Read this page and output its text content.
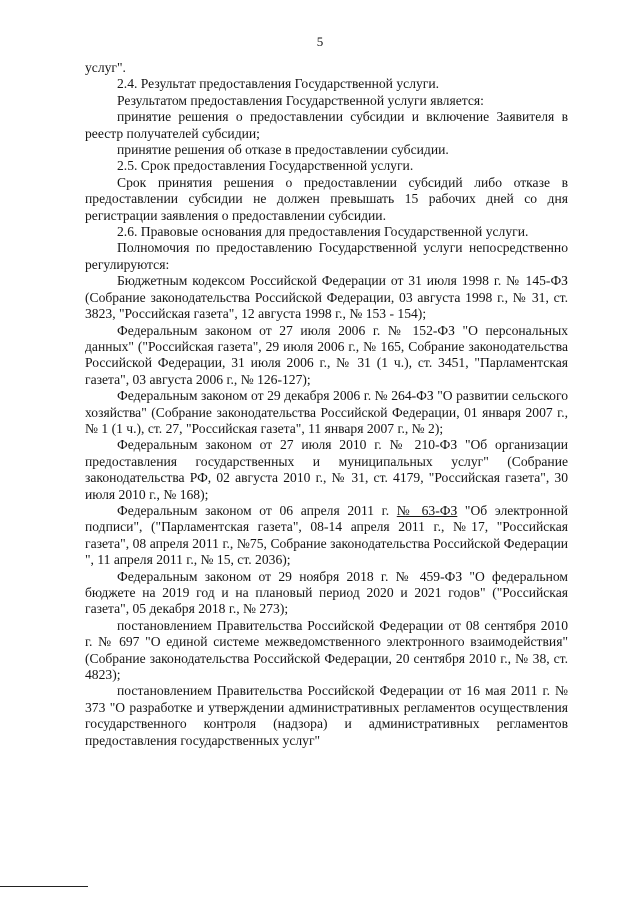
5

услуг".

2.4. Результат предоставления Государственной услуги.

Результатом предоставления Государственной услуги является:

принятие решения о предоставлении субсидии и включение Заявителя в реестр получателей субсидии;

принятие решения об отказе в предоставлении субсидии.

2.5. Срок предоставления Государственной услуги.

Срок принятия решения о предоставлении субсидий либо отказе в предоставлении субсидии не должен превышать 15 рабочих дней со дня регистрации заявления о предоставлении субсидии.

2.6. Правовые основания для предоставления Государственной услуги.

Полномочия по предоставлению Государственной услуги непосредственно регулируются:

Бюджетным кодексом Российской Федерации от 31 июля 1998 г. № 145-ФЗ (Собрание законодательства Российской Федерации, 03 августа 1998 г., № 31, ст. 3823, "Российская газета", 12 августа 1998 г., № 153 - 154);

Федеральным законом от 27 июля 2006 г. № 152-ФЗ "О персональных данных" ("Российская газета", 29 июля 2006 г., № 165, Собрание законодательства Российской Федерации, 31 июля 2006 г., № 31 (1 ч.), ст. 3451, "Парламентская газета", 03 августа 2006 г., № 126-127);

Федеральным законом от 29 декабря 2006 г. № 264-ФЗ "О развитии сельского хозяйства" (Собрание законодательства Российской Федерации, 01 января 2007 г., № 1 (1 ч.), ст. 27, "Российская газета", 11 января 2007 г., № 2);

Федеральным законом от 27 июля 2010 г. № 210-ФЗ "Об организации предоставления государственных и муниципальных услуг" (Собрание законодательства РФ, 02 августа 2010 г., № 31, ст. 4179, "Российская газета", 30 июля 2010 г., № 168);

Федеральным законом от 06 апреля 2011 г. № 63-ФЗ "Об электронной подписи", ("Парламентская газета", 08-14 апреля 2011 г., №17, "Российская газета", 08 апреля 2011 г., №75, Собрание законодательства Российской Федерации ", 11 апреля 2011 г., № 15, ст. 2036);

Федеральным законом от 29 ноября 2018 г. № 459-ФЗ "О федеральном бюджете на 2019 год и на плановый период 2020 и 2021 годов" ("Российская газета", 05 декабря 2018 г., № 273);

постановлением Правительства Российской Федерации от 08 сентября 2010 г. № 697 "О единой системе межведомственного электронного взаимодействия" (Собрание законодательства Российской Федерации, 20 сентября 2010 г., № 38, ст. 4823);

постановлением Правительства Российской Федерации от 16 мая 2011 г. № 373 "О разработке и утверждении административных регламентов осуществления государственного контроля (надзора) и административных регламентов предоставления государственных услуг"
